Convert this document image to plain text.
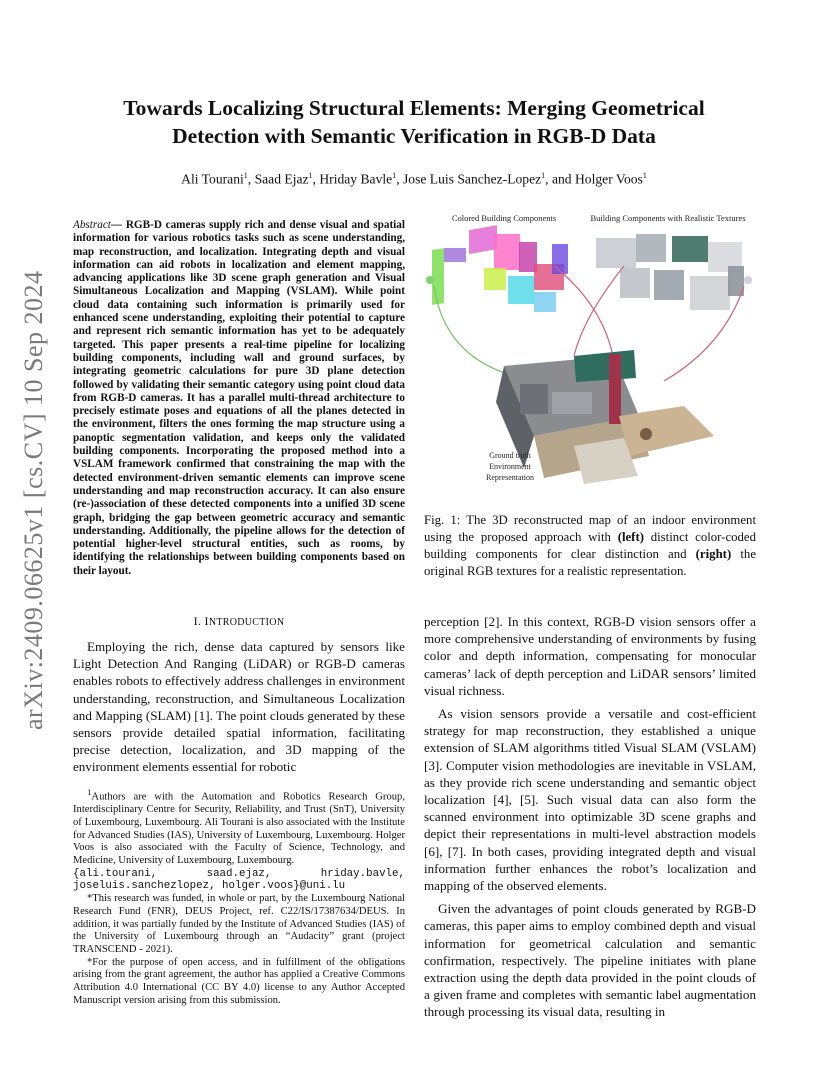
arXiv:2409.06625v1 [cs.CV] 10 Sep 2024
Towards Localizing Structural Elements: Merging Geometrical
Detection with Semantic Verification in RGB-D Data
Ali Tourani$^1$, Saad Ejaz$^1$, Hriday Bavle$^1$, Jose Luis Sanchez-Lopez$^1$, and Holger Voos$^1$
Abstract— RGB-D cameras supply rich and dense visual and spatial information for various robotics tasks such as scene understanding, map reconstruction, and localization. Integrating depth and visual information can aid robots in localization and element mapping, advancing applications like 3D scene graph generation and Visual Simultaneous Localization and Mapping (VSLAM). While point cloud data containing such information is primarily used for enhanced scene understanding, exploiting their potential to capture and represent rich semantic information has yet to be adequately targeted. This paper presents a real-time pipeline for localizing building components, including wall and ground surfaces, by integrating geometric calculations for pure 3D plane detection followed by validating their semantic category using point cloud data from RGB-D cameras. It has a parallel multi-thread architecture to precisely estimate poses and equations of all the planes detected in the environment, filters the ones forming the map structure using a panoptic segmentation validation, and keeps only the validated building components. Incorporating the proposed method into a VSLAM framework confirmed that constraining the map with the detected environment-driven semantic elements can improve scene understanding and map reconstruction accuracy. It can also ensure (re-)association of these detected components into a unified 3D scene graph, bridging the gap between geometric accuracy and semantic understanding. Additionally, the pipeline allows for the detection of potential higher-level structural entities, such as rooms, by identifying the relationships between building components based on their layout.
I. INTRODUCTION

Employing the rich, dense data captured by sensors like Light Detection And Ranging (LiDAR) or RGB-D cameras enables robots to effectively address challenges in environment understanding, reconstruction, and Simultaneous Localization and Mapping (SLAM) [1]. The point clouds generated by these sensors provide detailed spatial information, facilitating precise detection, localization, and 3D mapping of the environment elements essential for robotic

$^1$Authors are with the Automation and Robotics Research Group, Interdisciplinary Centre for Security, Reliability, and Trust (SnT), University of Luxembourg, Luxembourg. Ali Tourani is also associated with the Institute for Advanced Studies (IAS), University of Luxembourg, Luxembourg. Holger Voos is also associated with the Faculty of Science, Technology, and Medicine, University of Luxembourg, Luxembourg.
{ali.tourani, saad.ejaz, hriday.bavle, joseluis.sanchezlopez, holger.voos}@uni.lu

*This research was funded, in whole or part, by the Luxembourg National Research Fund (FNR), DEUS Project, ref. C22/IS/17387634/DEUS. In addition, it was partially funded by the Institute of Advanced Studies (IAS) of the University of Luxembourg through an “Audacity” grant (project TRANSCEND - 2021).

*For the purpose of open access, and in fulfillment of the obligations arising from the grant agreement, the author has applied a Creative Commons Attribution 4.0 International (CC BY 4.0) license to any Author Accepted Manuscript version arising from this submission.

Colored Building Components	Building Components with Realistic Textures
Ground truth
Environment
Representation
Fig. 1: The 3D reconstructed map of an indoor environment using the proposed approach with (left) distinct color-coded building components for clear distinction and (right) the original RGB textures for a realistic representation.

perception [2]. In this context, RGB-D vision sensors offer a more comprehensive understanding of environments by fusing color and depth information, compensating for monocular cameras’ lack of depth perception and LiDAR sensors’ limited visual richness.

As vision sensors provide a versatile and cost-efficient strategy for map reconstruction, they established a unique extension of SLAM algorithms titled Visual SLAM (VSLAM) [3]. Computer vision methodologies are inevitable in VSLAM, as they provide rich scene understanding and semantic object localization [4], [5]. Such visual data can also form the scanned environment into optimizable 3D scene graphs and depict their representations in multi-level abstraction models [6], [7]. In both cases, providing integrated depth and visual information further enhances the robot’s localization and mapping of the observed elements.

Given the advantages of point clouds generated by RGB-D cameras, this paper aims to employ combined depth and visual information for geometrical calculation and semantic confirmation, respectively. The pipeline initiates with plane extraction using the depth data provided in the point clouds of a given frame and completes with semantic label augmentation through processing its visual data, resulting in
